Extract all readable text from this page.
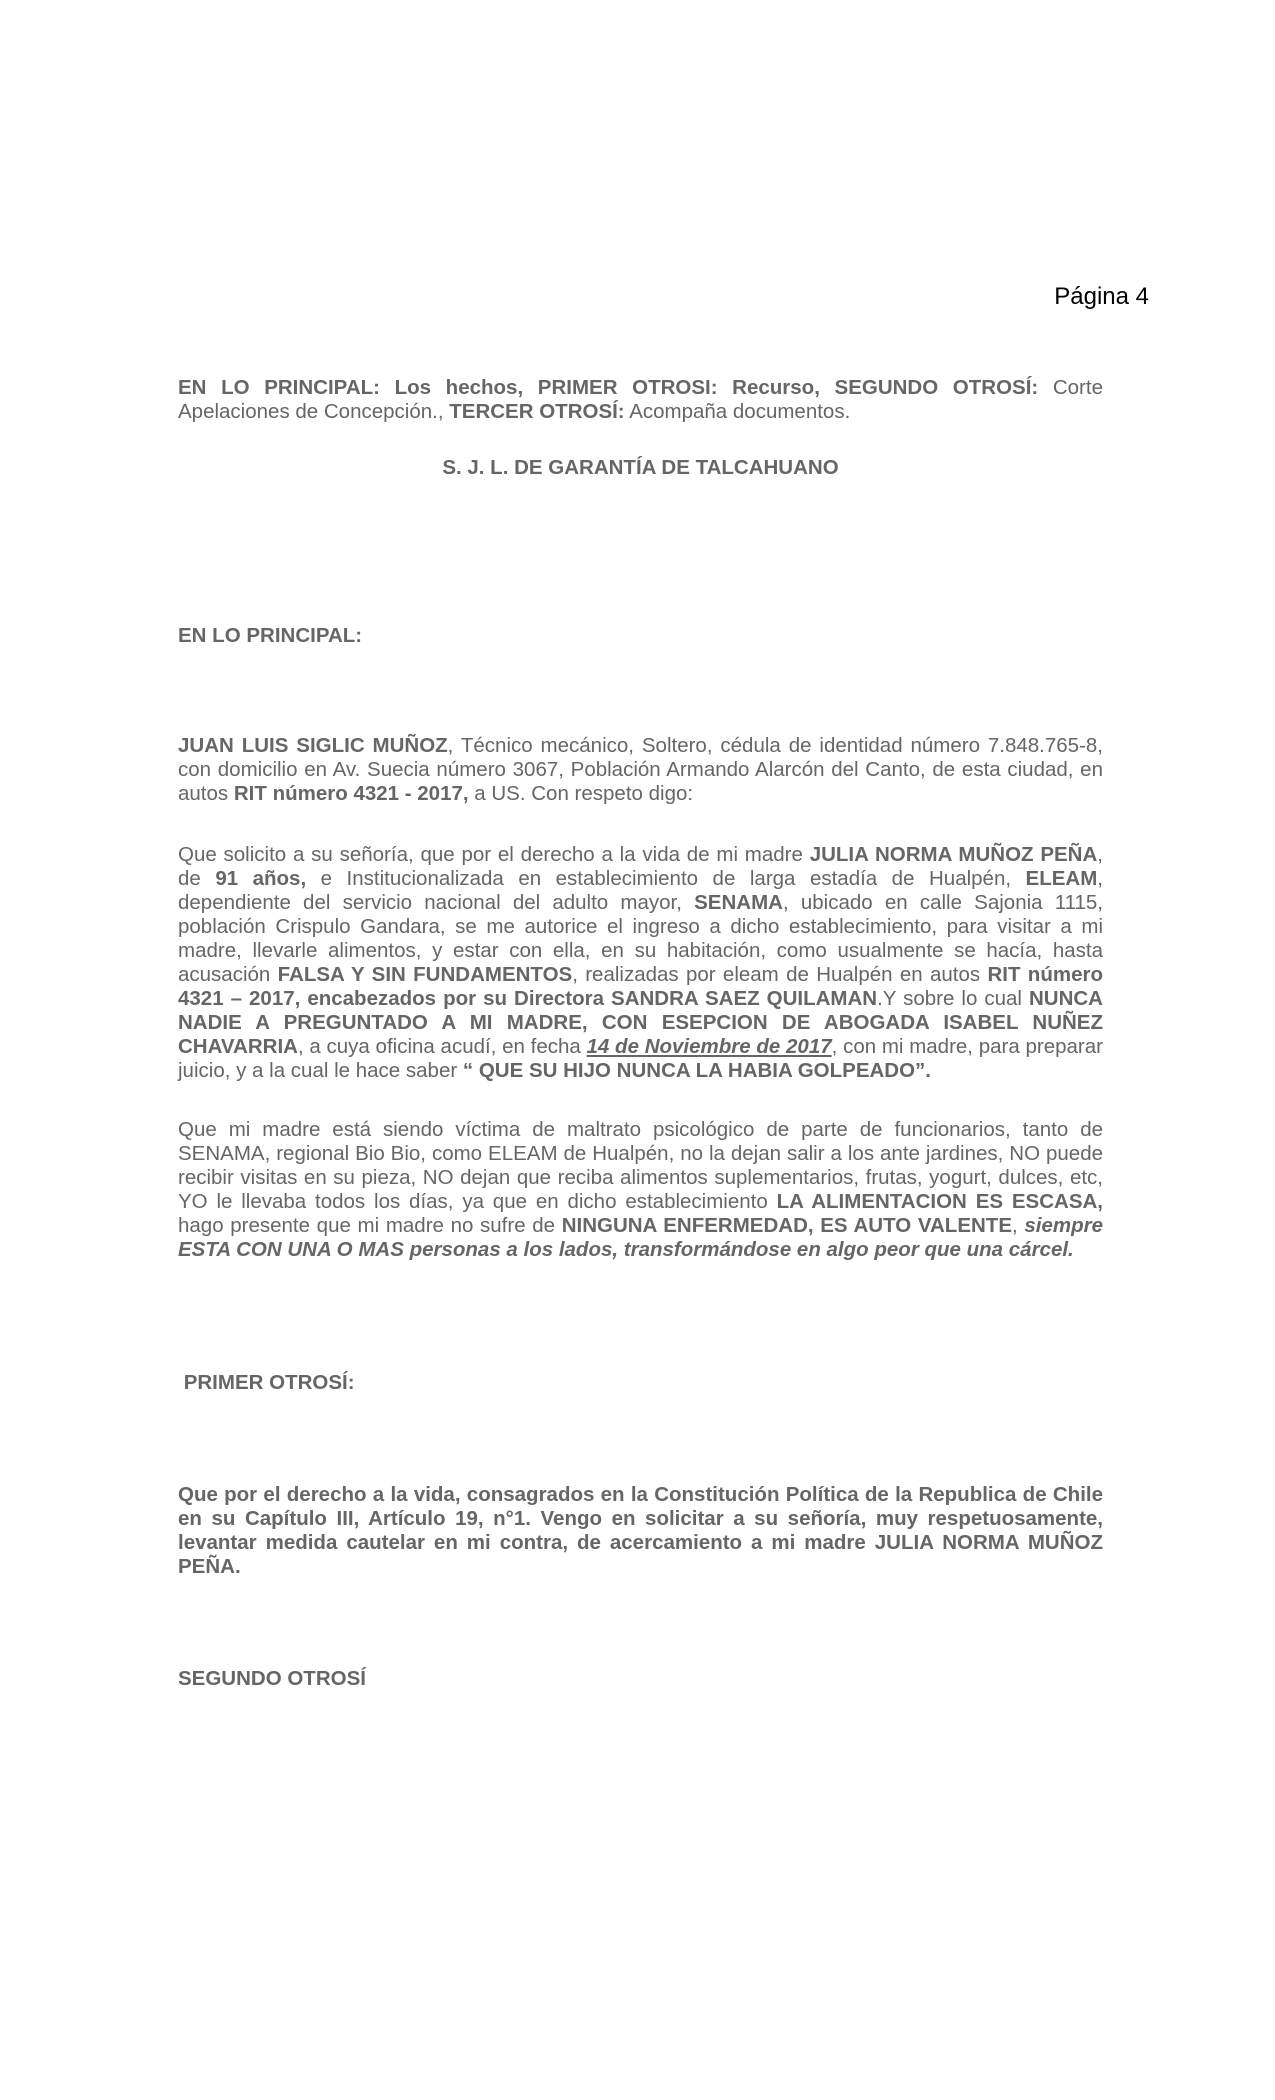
Página 4
EN LO PRINCIPAL: Los hechos, PRIMER OTROSI: Recurso, SEGUNDO OTROSÍ: Corte Apelaciones de Concepción., TERCER OTROSÍ: Acompaña documentos.
S. J. L. DE GARANTÍA DE TALCAHUANO
EN LO PRINCIPAL:
JUAN LUIS SIGLIC MUÑOZ, Técnico mecánico, Soltero, cédula de identidad número 7.848.765-8, con domicilio en Av. Suecia número 3067, Población Armando Alarcón del Canto, de esta ciudad, en autos RIT número 4321 - 2017, a US. Con respeto digo:
Que solicito a su señoría, que por el derecho a la vida de mi madre JULIA NORMA MUÑOZ PEÑA, de 91 años, e Institucionalizada en establecimiento de larga estadía de Hualpén, ELEAM, dependiente del servicio nacional del adulto mayor, SENAMA, ubicado en calle Sajonia 1115, población Crispulo Gandara, se me autorice el ingreso a dicho establecimiento, para visitar a mi madre, llevarle alimentos, y estar con ella, en su habitación, como usualmente se hacía, hasta acusación FALSA Y SIN FUNDAMENTOS, realizadas por eleam de Hualpén en autos RIT número 4321 – 2017, encabezados por su Directora SANDRA SAEZ QUILAMAN.Y sobre lo cual NUNCA NADIE A PREGUNTADO A MI MADRE, CON ESEPCION DE ABOGADA ISABEL NUÑEZ CHAVARRIA, a cuya oficina acudí, en fecha 14 de Noviembre de 2017, con mi madre, para preparar juicio, y a la cual le hace saber “ QUE SU HIJO NUNCA LA HABIA GOLPEADO”.
Que mi madre está siendo víctima de maltrato psicológico de parte de funcionarios, tanto de SENAMA, regional Bio Bio, como ELEAM de Hualpén, no la dejan salir a los ante jardines, NO puede recibir visitas en su pieza, NO dejan que reciba alimentos suplementarios, frutas, yogurt, dulces, etc, YO le llevaba todos los días, ya que en dicho establecimiento LA ALIMENTACION ES ESCASA, hago presente que mi madre no sufre de NINGUNA ENFERMEDAD, ES AUTO VALENTE, siempre ESTA CON UNA O MAS personas a los lados, transformándose en algo peor que una cárcel.
PRIMER OTROSÍ:
Que por el derecho a la vida, consagrados en la Constitución Política de la Republica de Chile en su Capítulo III, Artículo 19, n°1. Vengo en solicitar a su señoría, muy respetuosamente, levantar medida cautelar en mi contra, de acercamiento a mi madre JULIA NORMA MUÑOZ PEÑA.
SEGUNDO OTROSÍ
